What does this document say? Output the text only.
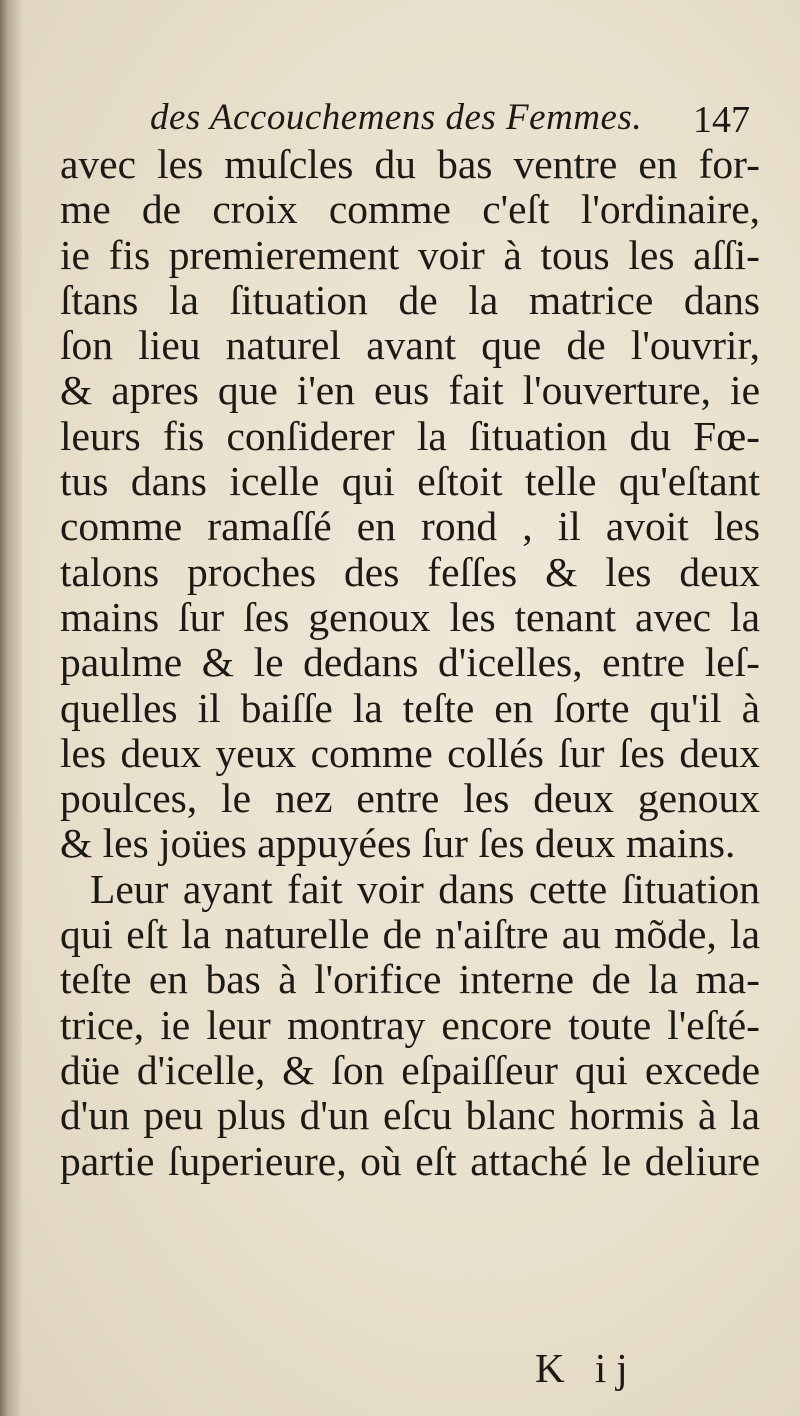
des Accouchemens des Femmes. 147
avec les muſcles du bas ventre en for-
me de croix comme c'eſt l'ordinaire,
ie fis premierement voir à tous les aſſi-
ſtans la ſituation de la matrice dans
ſon lieu naturel avant que de l'ouvrir,
& apres que i'en eus fait l'ouverture, ie
leurs fis conſiderer la ſituation du Fœ-
tus dans icelle qui eſtoit telle qu'eſtant
comme ramaſſé en rond , il avoit les
talons proches des feſſes & les deux
mains ſur ſes genoux les tenant avec la
paulme & le dedans d'icelles, entre leſ-
quelles il baiſſe la teſte en ſorte qu'il à
les deux yeux comme collés ſur ſes deux
poulces, le nez entre les deux genoux
& les joües appuyées ſur ſes deux mains.
Leur ayant fait voir dans cette ſituation
qui eſt la naturelle de n'aiſtre au mõde, la
teſte en bas à l'orifice interne de la ma-
trice, ie leur montray encore toute l'eſté-
düe d'icelle, & ſon eſpaiſſeur qui excede
d'un peu plus d'un eſcu blanc hormis à la
partie ſuperieure, où eſt attaché le deliure
K ij
